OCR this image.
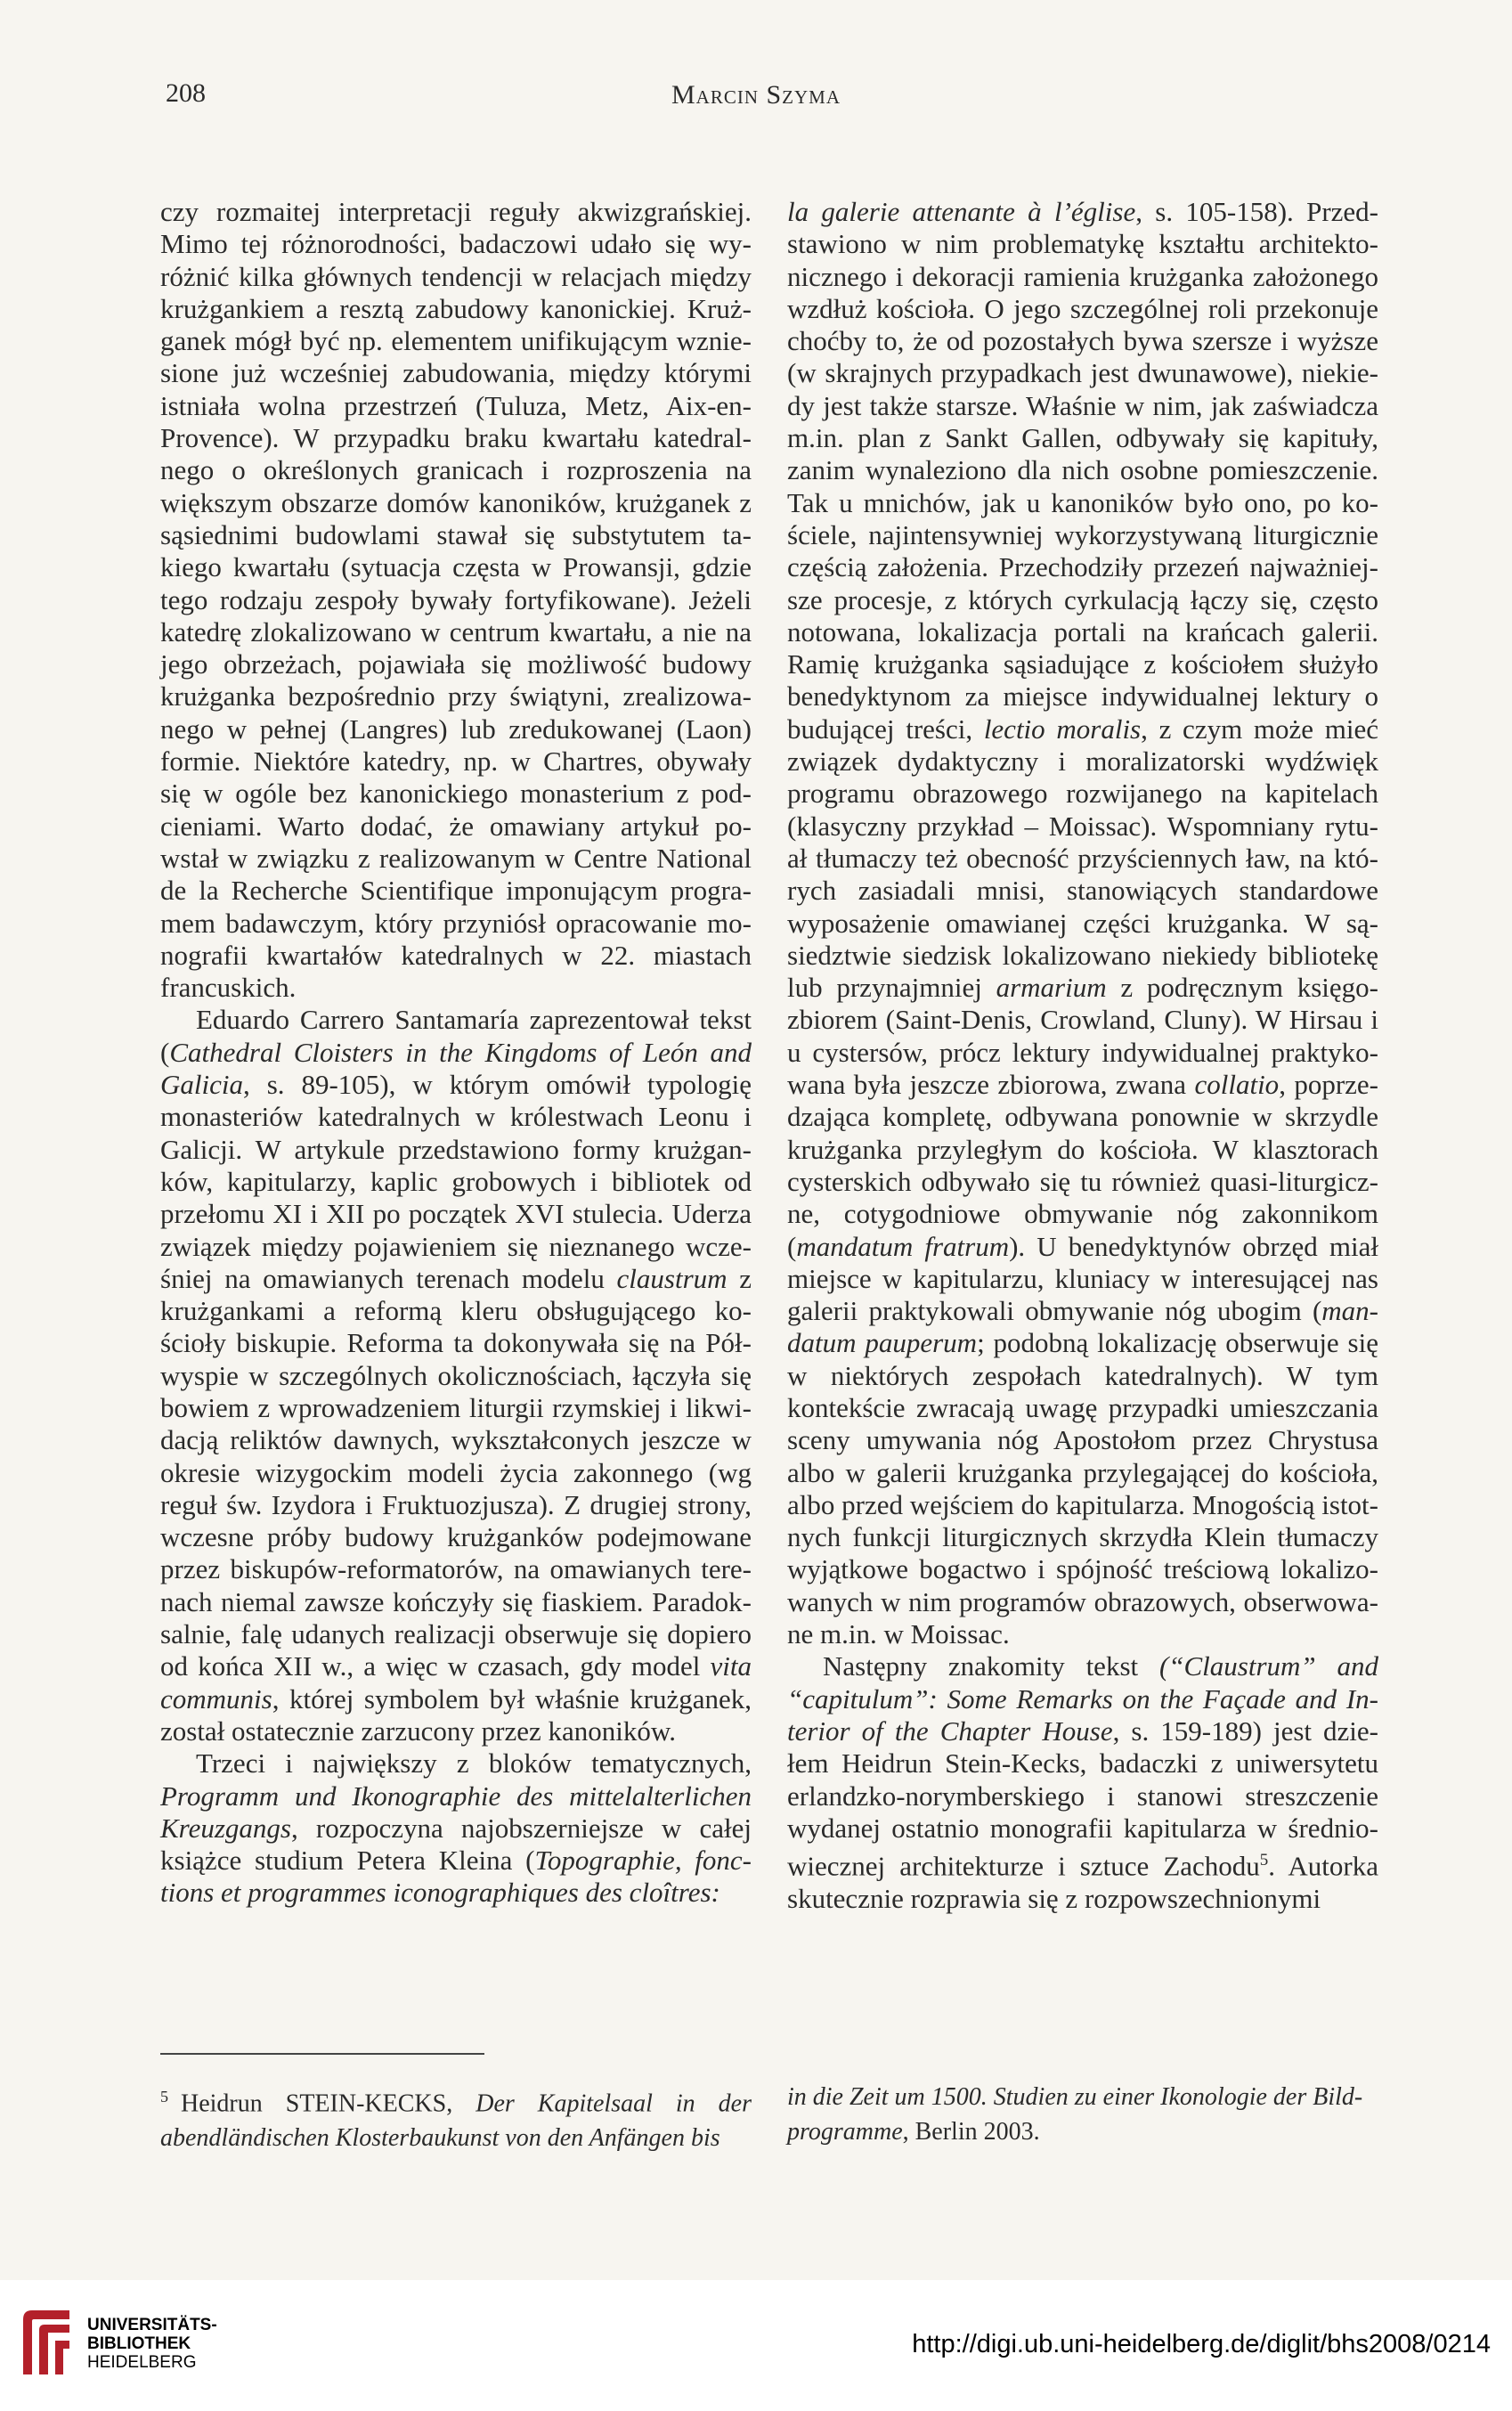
208	Marcin Szyma

czy rozmaitej interpretacji reguły akwizgrańskiej. Mimo tej różnorodności, badaczowi udało się wy-różnić kilka głównych tendencji w relacjach między krużgankiem a resztą zabudowy kanonickiej. Kruż-ganek mógł być np. elementem unifikującym wznie-sione już wcześniej zabudowania, między którymi istniała wolna przestrzeń (Tuluza, Metz, Aix-en-Provence). W przypadku braku kwartału katedral-nego o określonych granicach i rozproszenia na większym obszarze domów kanoników, krużganek z sąsiednimi budowlami stawał się substytutem ta-kiego kwartału (sytuacja częsta w Prowansji, gdzie tego rodzaju zespoły bywały fortyfikowane). Jeżeli katedrę zlokalizowano w centrum kwartału, a nie na jego obrzeżach, pojawiała się możliwość budowy krużganka bezpośrednio przy świątyni, zrealizowa-nego w pełnej (Langres) lub zredukowanej (Laon) formie. Niektóre katedry, np. w Chartres, obywały się w ogóle bez kanonickiego monasterium z pod-cieniami. Warto dodać, że omawiany artykuł po-wstał w związku z realizowanym w Centre National de la Recherche Scientifique imponującym progra-mem badawczym, który przyniósł opracowanie mo-nografii kwartałów katedralnych w 22. miastach francuskich.

Eduardo Carrero Santamaría zaprezentował tekst (Cathedral Cloisters in the Kingdoms of León and Galicia, s. 89-105), w którym omówił typologię monasteriów katedralnych w królestwach Leonu i Galicji. W artykule przedstawiono formy krużgan-ków, kapitularzy, kaplic grobowych i bibliotek od przełomu XI i XII po początek XVI stulecia. Uderza związek między pojawieniem się nieznanego wcze-śniej na omawianych terenach modelu claustrum z krużgankami a reformą kleru obsługującego ko-ścioły biskupie. Reforma ta dokonywała się na Pół-wyspie w szczególnych okolicznościach, łączyła się bowiem z wprowadzeniem liturgii rzymskiej i likwi-dacją reliktów dawnych, wykształconych jeszcze w okresie wizygockim modeli życia zakonnego (wg reguł św. Izydora i Fruktuozjusza). Z drugiej strony, wczesne próby budowy krużganków podejmowane przez biskupów-reformatorów, na omawianych tere-nach niemal zawsze kończyły się fiaskiem. Paradok-salnie, falę udanych realizacji obserwuje się dopiero od końca XII w., a więc w czasach, gdy model vita communis, której symbolem był właśnie krużganek, został ostatecznie zarzucony przez kanoników.

Trzeci i największy z bloków tematycznych, Programm und Ikonographie des mittelalterlichen Kreuzgangs, rozpoczyna najobszerniejsze w całej książce studium Petera Kleina (Topographie, fonc-tions et programmes iconographiques des cloîtres:

la galerie attenante à l’église, s. 105-158). Przed-stawiono w nim problematykę kształtu architekto-nicznego i dekoracji ramienia krużganka założonego wzdłuż kościoła. O jego szczególnej roli przekonuje choćby to, że od pozostałych bywa szersze i wyższe (w skrajnych przypadkach jest dwunawowe), niekie-dy jest także starsze. Właśnie w nim, jak zaświadcza m.in. plan z Sankt Gallen, odbywały się kapituły, zanim wynaleziono dla nich osobne pomieszczenie. Tak u mnichów, jak u kanoników było ono, po ko-ściele, najintensywniej wykorzystywaną liturgicznie częścią założenia. Przechodziły przezeń najważniej-sze procesje, z których cyrkulacją łączy się, często notowana, lokalizacja portali na krańcach galerii. Ramię krużganka sąsiadujące z kościołem służyło benedyktynom za miejsce indywidualnej lektury o budującej treści, lectio moralis, z czym może mieć związek dydaktyczny i moralizatorski wydźwięk programu obrazowego rozwijanego na kapitelach (klasyczny przykład – Moissac). Wspomniany rytu-ał tłumaczy też obecność przyściennych ław, na któ-rych zasiadali mnisi, stanowiących standardowe wyposażenie omawianej części krużganka. W są-siedztwie siedzisk lokalizowano niekiedy bibliotekę lub przynajmniej armarium z podręcznym księgo-zbiorem (Saint-Denis, Crowland, Cluny). W Hirsau i u cystersów, prócz lektury indywidualnej praktyko-wana była jeszcze zbiorowa, zwana collatio, poprze-dzająca kompletę, odbywana ponownie w skrzydle krużganka przyległym do kościoła. W klasztorach cysterskich odbywało się tu również quasi-liturgicz-ne, cotygodniowe obmywanie nóg zakonnikom (mandatum fratrum). U benedyktynów obrzęd miał miejsce w kapitularzu, kluniacy w interesującej nas galerii praktykowali obmywanie nóg ubogim (man-datum pauperum; podobną lokalizację obserwuje się w niektórych zespołach katedralnych). W tym kontekście zwracają uwagę przypadki umieszczania sceny umywania nóg Apostołom przez Chrystusa albo w galerii krużganka przylegającej do kościoła, albo przed wejściem do kapitularza. Mnogością istot-nych funkcji liturgicznych skrzydła Klein tłumaczy wyjątkowe bogactwo i spójność treściową lokalizo-wanych w nim programów obrazowych, obserwowa-ne m.in. w Moissac.

Następny znakomity tekst (“Claustrum” and “capitulum”: Some Remarks on the Façade and In-terior of the Chapter House, s. 159-189) jest dzie-łem Heidrun Stein-Kecks, badaczki z uniwersytetu erlandzko-norymberskiego i stanowi streszczenie wydanej ostatnio monografii kapitularza w średnio-wiecznej architekturze i sztuce Zachodu$^5$. Autorka skutecznie rozprawia się z rozpowszechnionymi

$^5$ Heidrun STEIN-KECKS, Der Kapitelsaal in der abendländischen Klosterbaukunst von den Anfängen bis
in die Zeit um 1500. Studien zu einer Ikonologie der Bild-programme, Berlin 2003.
UNIVERSITÄTS-
BIBLIOTHEK
HEIDELBERG
http://digi.ub.uni-heidelberg.de/diglit/bhs2008/0214
